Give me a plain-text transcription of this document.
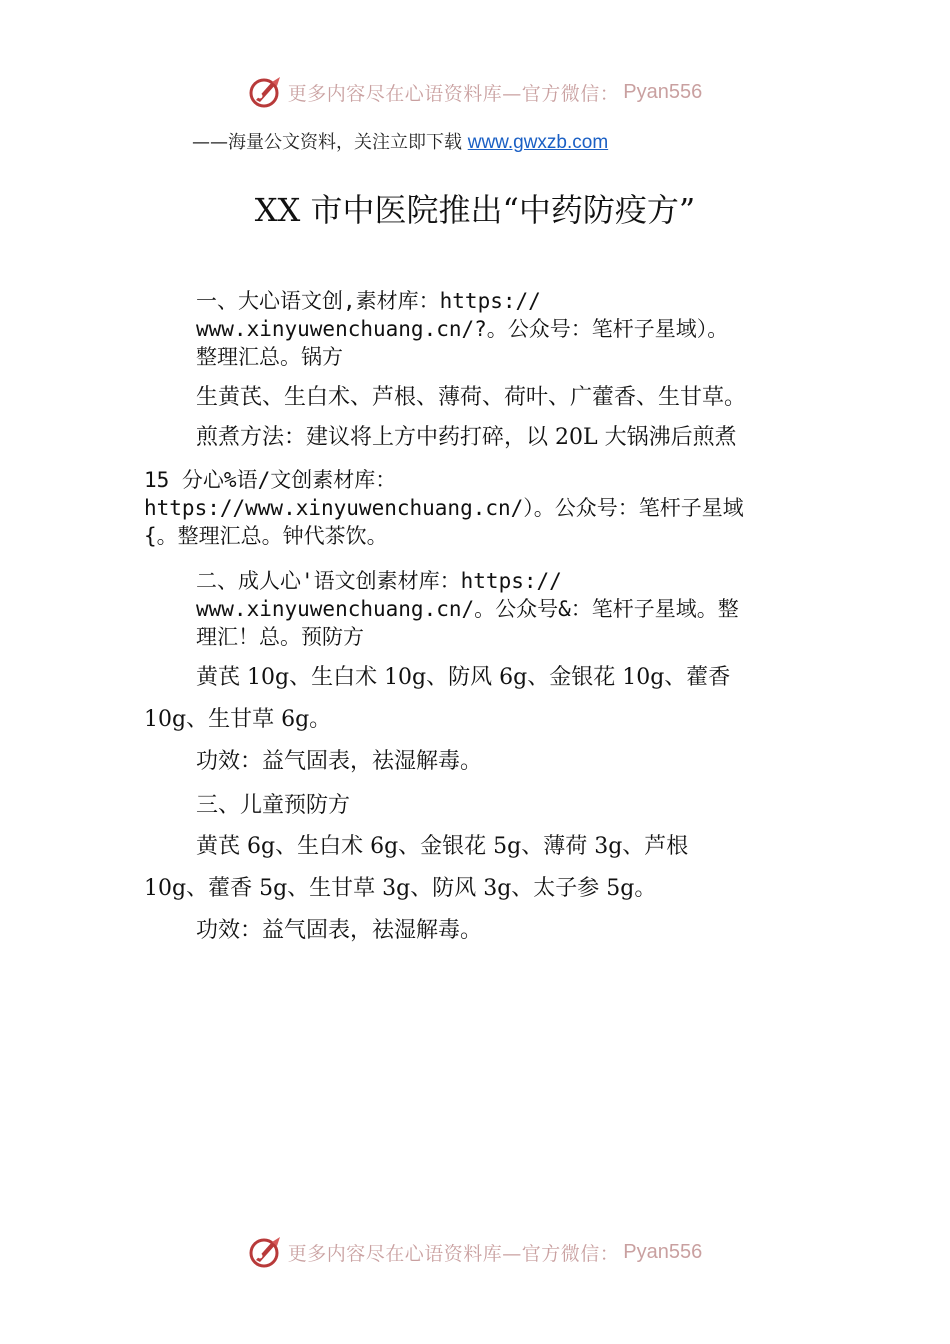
更多内容尽在心语资料库—官方微信： Pyan556
——海量公文资料，关注立即下载 www.gwxzb.com
XX 市中医院推出“中药防疫方”
一、大心语文创,素材库：https://
www.xinyuwenchuang.cn/?。公众号：笔杆子星域）。
整理汇总。锅方
生黄芪、生白术、芦根、薄荷、荷叶、广藿香、生甘草。
煎煮方法：建议将上方中药打碎，以 20L 大锅沸后煎煮
15 分心%语/文创素材库：
https://www.xinyuwenchuang.cn/）。公众号：笔杆子星域
{。整理汇总。钟代茶饮。
二、成人心'语文创素材库：https://
www.xinyuwenchuang.cn/。公众号&：笔杆子星域。整
理汇！总。预防方
黄芪 10g、生白术 10g、防风 6g、金银花 10g、藿香
10g、生甘草 6g。
功效：益气固表，祛湿解毒。
三、儿童预防方
黄芪 6g、生白术 6g、金银花 5g、薄荷 3g、芦根
10g、藿香 5g、生甘草 3g、防风 3g、太子参 5g。
功效：益气固表，祛湿解毒。
更多内容尽在心语资料库—官方微信： Pyan556
